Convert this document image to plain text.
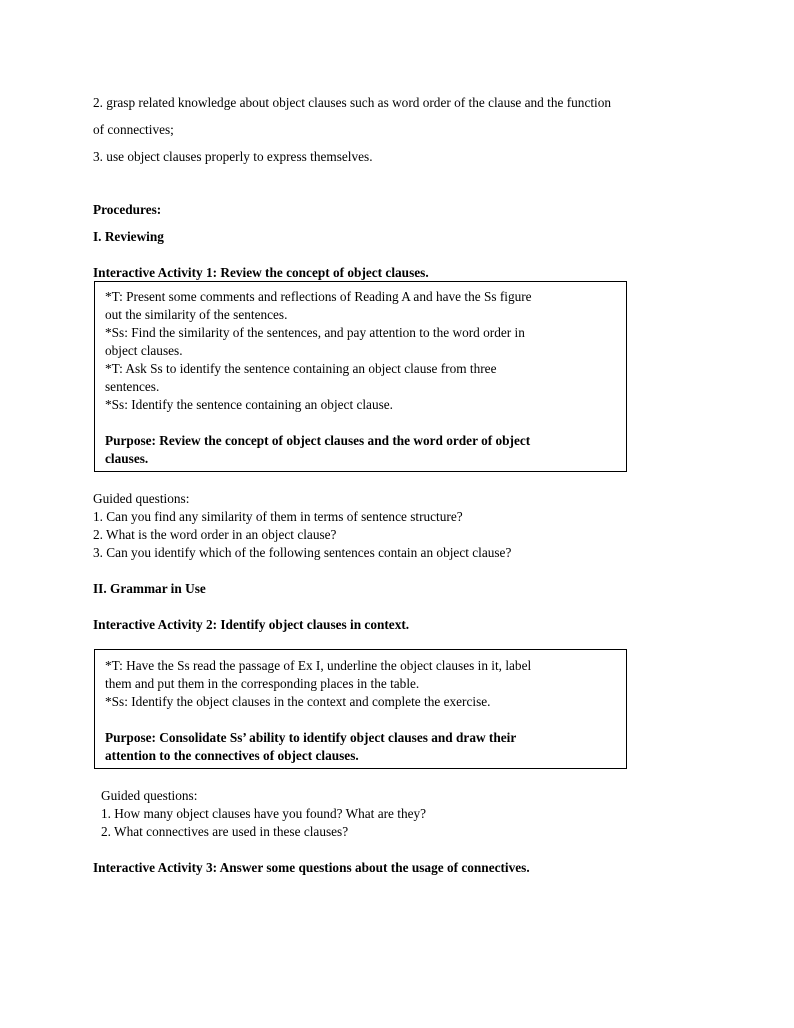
2. grasp related knowledge about object clauses such as word order of the clause and the function
of connectives;
3. use object clauses properly to express themselves.
Procedures:
I. Reviewing
Interactive Activity 1: Review the concept of object clauses.
*T: Present some comments and reflections of Reading A and have the Ss figure
out the similarity of the sentences.
*Ss: Find the similarity of the sentences, and pay attention to the word order in
object clauses.
*T: Ask Ss to identify the sentence containing an object clause from three
sentences.
*Ss: Identify the sentence containing an object clause.
Purpose: Review the concept of object clauses and the word order of object
clauses.
Guided questions:
1. Can you find any similarity of them in terms of sentence structure?
2. What is the word order in an object clause?
3. Can you identify which of the following sentences contain an object clause?
II. Grammar in Use
Interactive Activity 2: Identify object clauses in context.
*T: Have the Ss read the passage of Ex I, underline the object clauses in it, label
them and put them in the corresponding places in the table.
*Ss: Identify the object clauses in the context and complete the exercise.
Purpose: Consolidate Ss’ ability to identify object clauses and draw their
attention to the connectives of object clauses.
Guided questions:
1. How many object clauses have you found? What are they?
2. What connectives are used in these clauses?
Interactive Activity 3: Answer some questions about the usage of connectives.
